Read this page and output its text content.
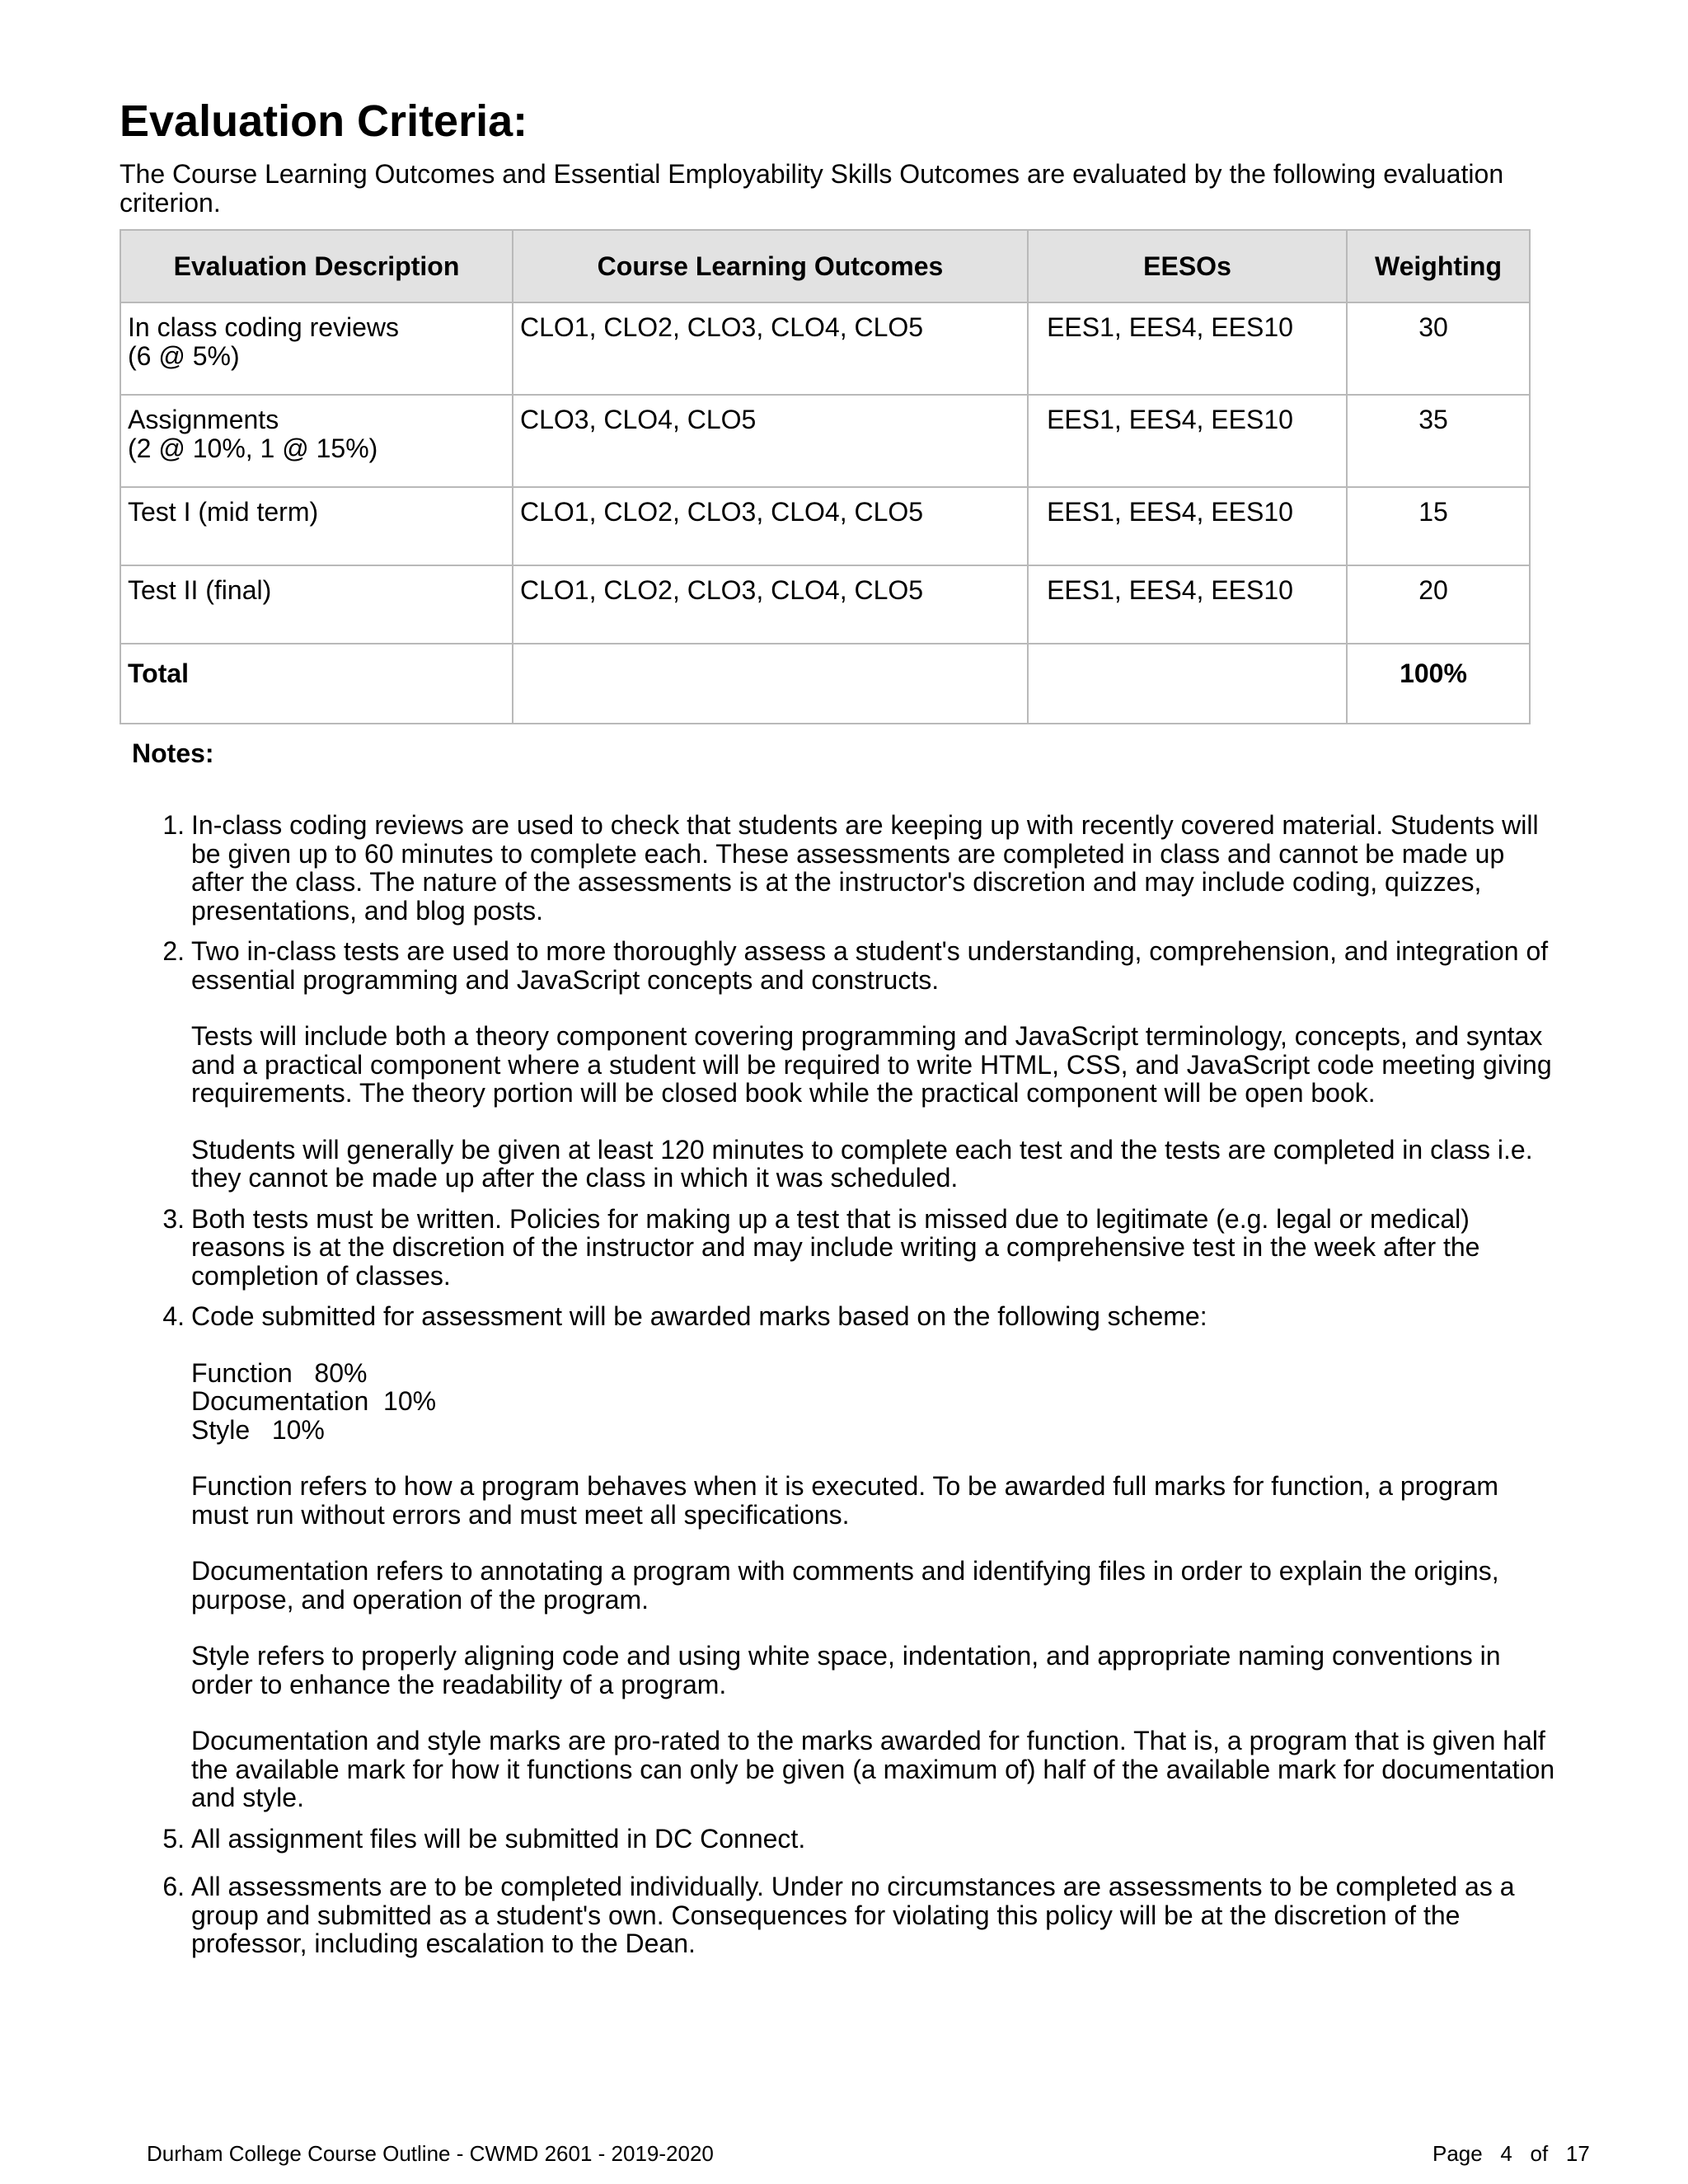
Evaluation Criteria:

The Course Learning Outcomes and Essential Employability Skills Outcomes are evaluated by the following evaluation criterion.

Evaluation Description	Course Learning Outcomes	EESOs	Weighting

In class coding reviews
(6 @ 5%)	CLO1, CLO2, CLO3, CLO4, CLO5	EES1, EES4, EES10	30

Assignments
(2 @ 10%, 1 @ 15%)	CLO3, CLO4, CLO5	EES1, EES4, EES10	35
Test I (mid term)	CLO1, CLO2, CLO3, CLO4, CLO5	EES1, EES4, EES10	15
Test II (final)	CLO1, CLO2, CLO3, CLO4, CLO5	EES1, EES4, EES10	20
Total			100%

Notes:

1. In-class coding reviews are used to check that students are keeping up with recently covered material. Students will be given up to 60 minutes to complete each. These assessments are completed in class and cannot be made up after the class. The nature of the assessments is at the instructor's discretion and may include coding, quizzes, presentations, and blog posts.

2. Two in-class tests are used to more thoroughly assess a student's understanding, comprehension, and integration of essential programming and JavaScript concepts and constructs.

Tests will include both a theory component covering programming and JavaScript terminology, concepts, and syntax and a practical component where a student will be required to write HTML, CSS, and JavaScript code meeting giving requirements. The theory portion will be closed book while the practical component will be open book.

Students will generally be given at least 120 minutes to complete each test and the tests are completed in class i.e. they cannot be made up after the class in which it was scheduled.

3. Both tests must be written. Policies for making up a test that is missed due to legitimate (e.g. legal or medical) reasons is at the discretion of the instructor and may include writing a comprehensive test in the week after the completion of classes.

4. Code submitted for assessment will be awarded marks based on the following scheme:

Function   80%
Documentation  10%
Style   10%

Function refers to how a program behaves when it is executed. To be awarded full marks for function, a program must run without errors and must meet all specifications.

Documentation refers to annotating a program with comments and identifying files in order to explain the origins, purpose, and operation of the program.

Style refers to properly aligning code and using white space, indentation, and appropriate naming conventions in order to enhance the readability of a program.

Documentation and style marks are pro-rated to the marks awarded for function. That is, a program that is given half the available mark for how it functions can only be given (a maximum of) half of the available mark for documentation and style.

5. All assignment files will be submitted in DC Connect.

6. All assessments are to be completed individually. Under no circumstances are assessments to be completed as a group and submitted as a student's own. Consequences for violating this policy will be at the discretion of the professor, including escalation to the Dean.

Durham College Course Outline - CWMD 2601 - 2019-2020	Page 4 of 17
